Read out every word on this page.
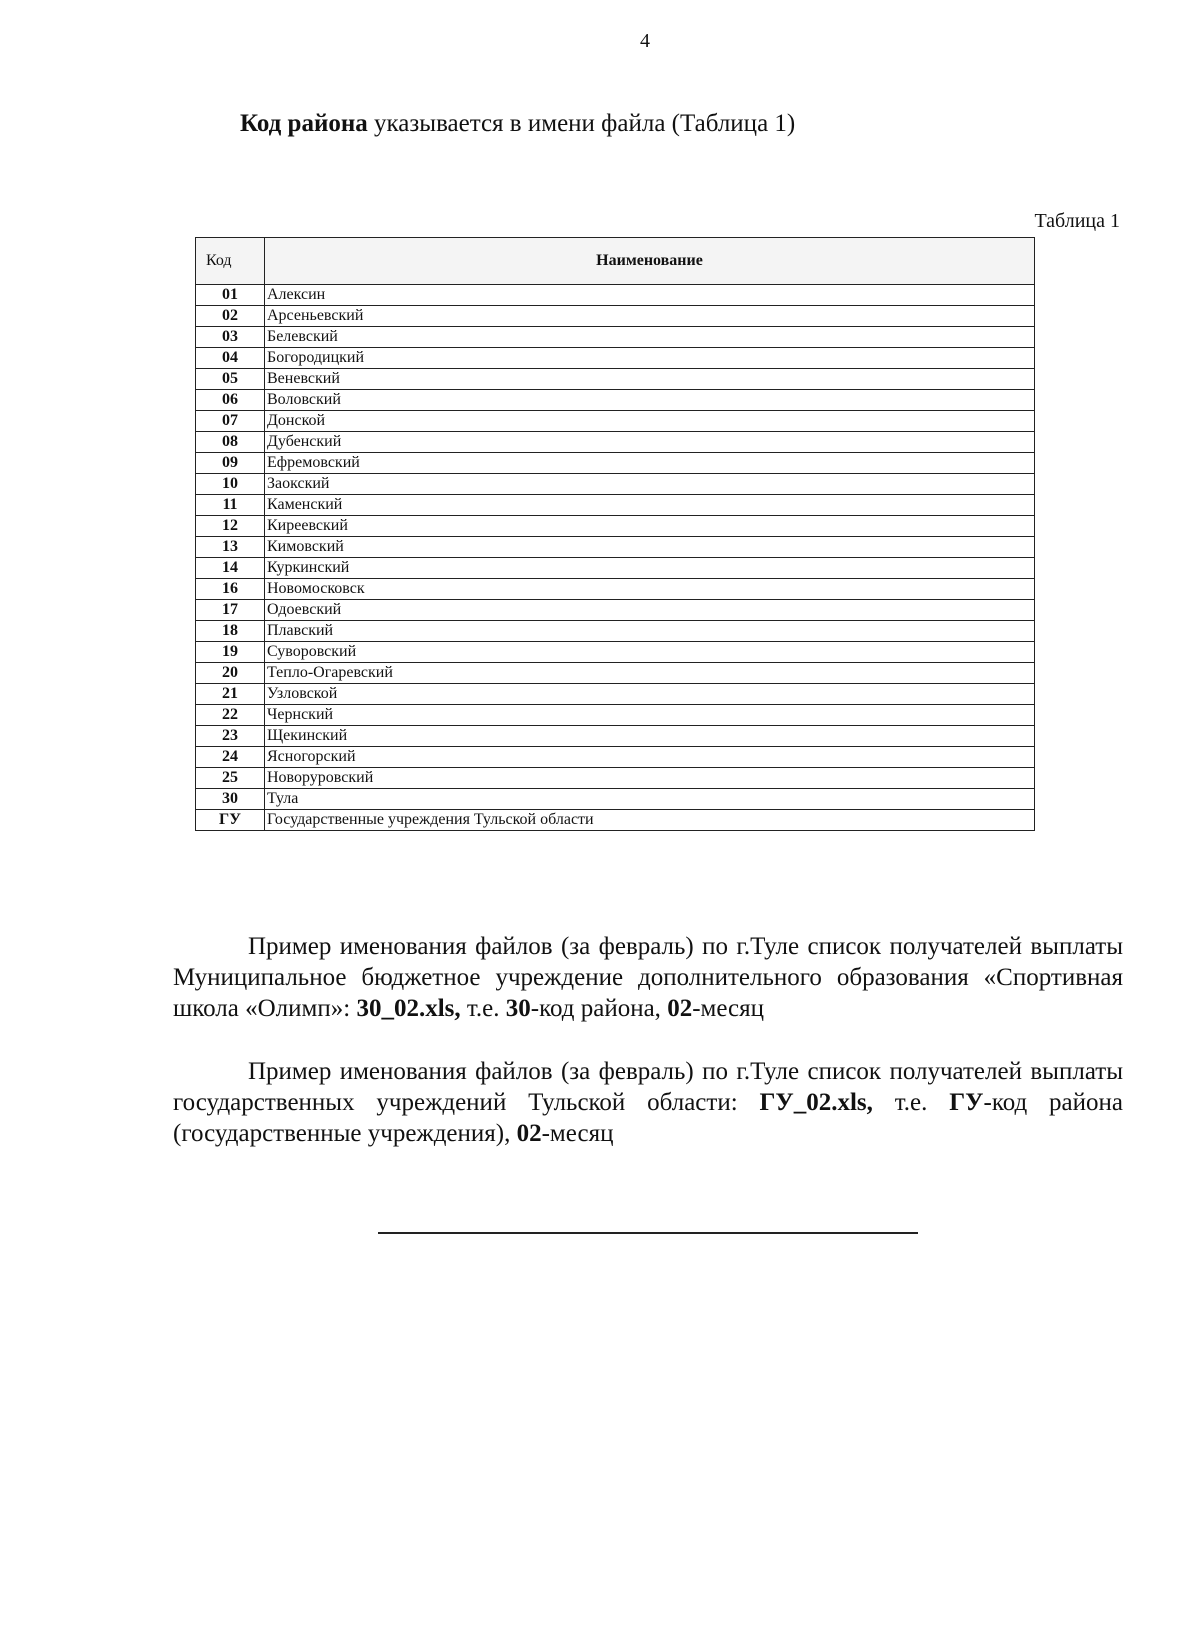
4
Код района указывается в имени файла (Таблица 1)
Таблица 1
Код	Наименование
01	Алексин
02	Арсеньевский
03	Белевский
04	Богородицкий
05	Веневский
06	Воловский
07	Донской
08	Дубенский
09	Ефремовский
10	Заокский
11	Каменский
12	Киреевский
13	Кимовский
14	Куркинский
16	Новомосковск
17	Одоевский
18	Плавский
19	Суворовский
20	Тепло-Огаревский
21	Узловской
22	Чернский
23	Щекинский
24	Ясногорский
25	Новоруровский
30	Тула
ГУ	Государственные учреждения Тульской области
Пример именования файлов (за февраль) по г.Туле список получателей выплаты Муниципальное бюджетное учреждение дополнительного образования «Спортивная школа «Олимп»: 30_02.xls, т.е. 30-код района, 02-месяц
Пример именования файлов (за февраль) по г.Туле список получателей выплаты государственных учреждений Тульской области: ГУ_02.xls, т.е. ГУ-код района (государственные учреждения), 02-месяц
